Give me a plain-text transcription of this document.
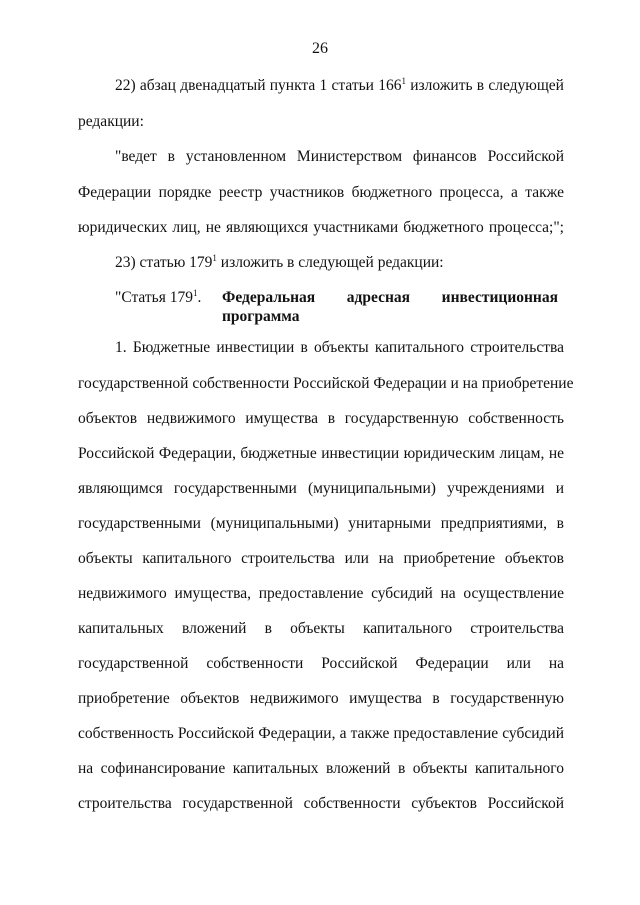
26
22) абзац двенадцатый пункта 1 статьи $166^1$ изложить в следующей
редакции:
"ведет в установленном Министерством финансов Российской
Федерации порядке реестр участников бюджетного процесса, а также
юридических лиц, не являющихся участниками бюджетного процесса;";
23) статью $179^1$ изложить в следующей редакции:
"Статья $179^1$. Федеральная адресная инвестиционная
программа
1. Бюджетные инвестиции в объекты капитального строительства
государственной собственности Российской Федерации и на приобретение
объектов недвижимого имущества в государственную собственность
Российской Федерации, бюджетные инвестиции юридическим лицам, не
являющимся государственными (муниципальными) учреждениями и
государственными (муниципальными) унитарными предприятиями, в
объекты капитального строительства или на приобретение объектов
недвижимого имущества, предоставление субсидий на осуществление
капитальных вложений в объекты капитального строительства
государственной собственности Российской Федерации или на
приобретение объектов недвижимого имущества в государственную
собственность Российской Федерации, а также предоставление субсидий
на софинансирование капитальных вложений в объекты капитального
строительства государственной собственности субъектов Российской
